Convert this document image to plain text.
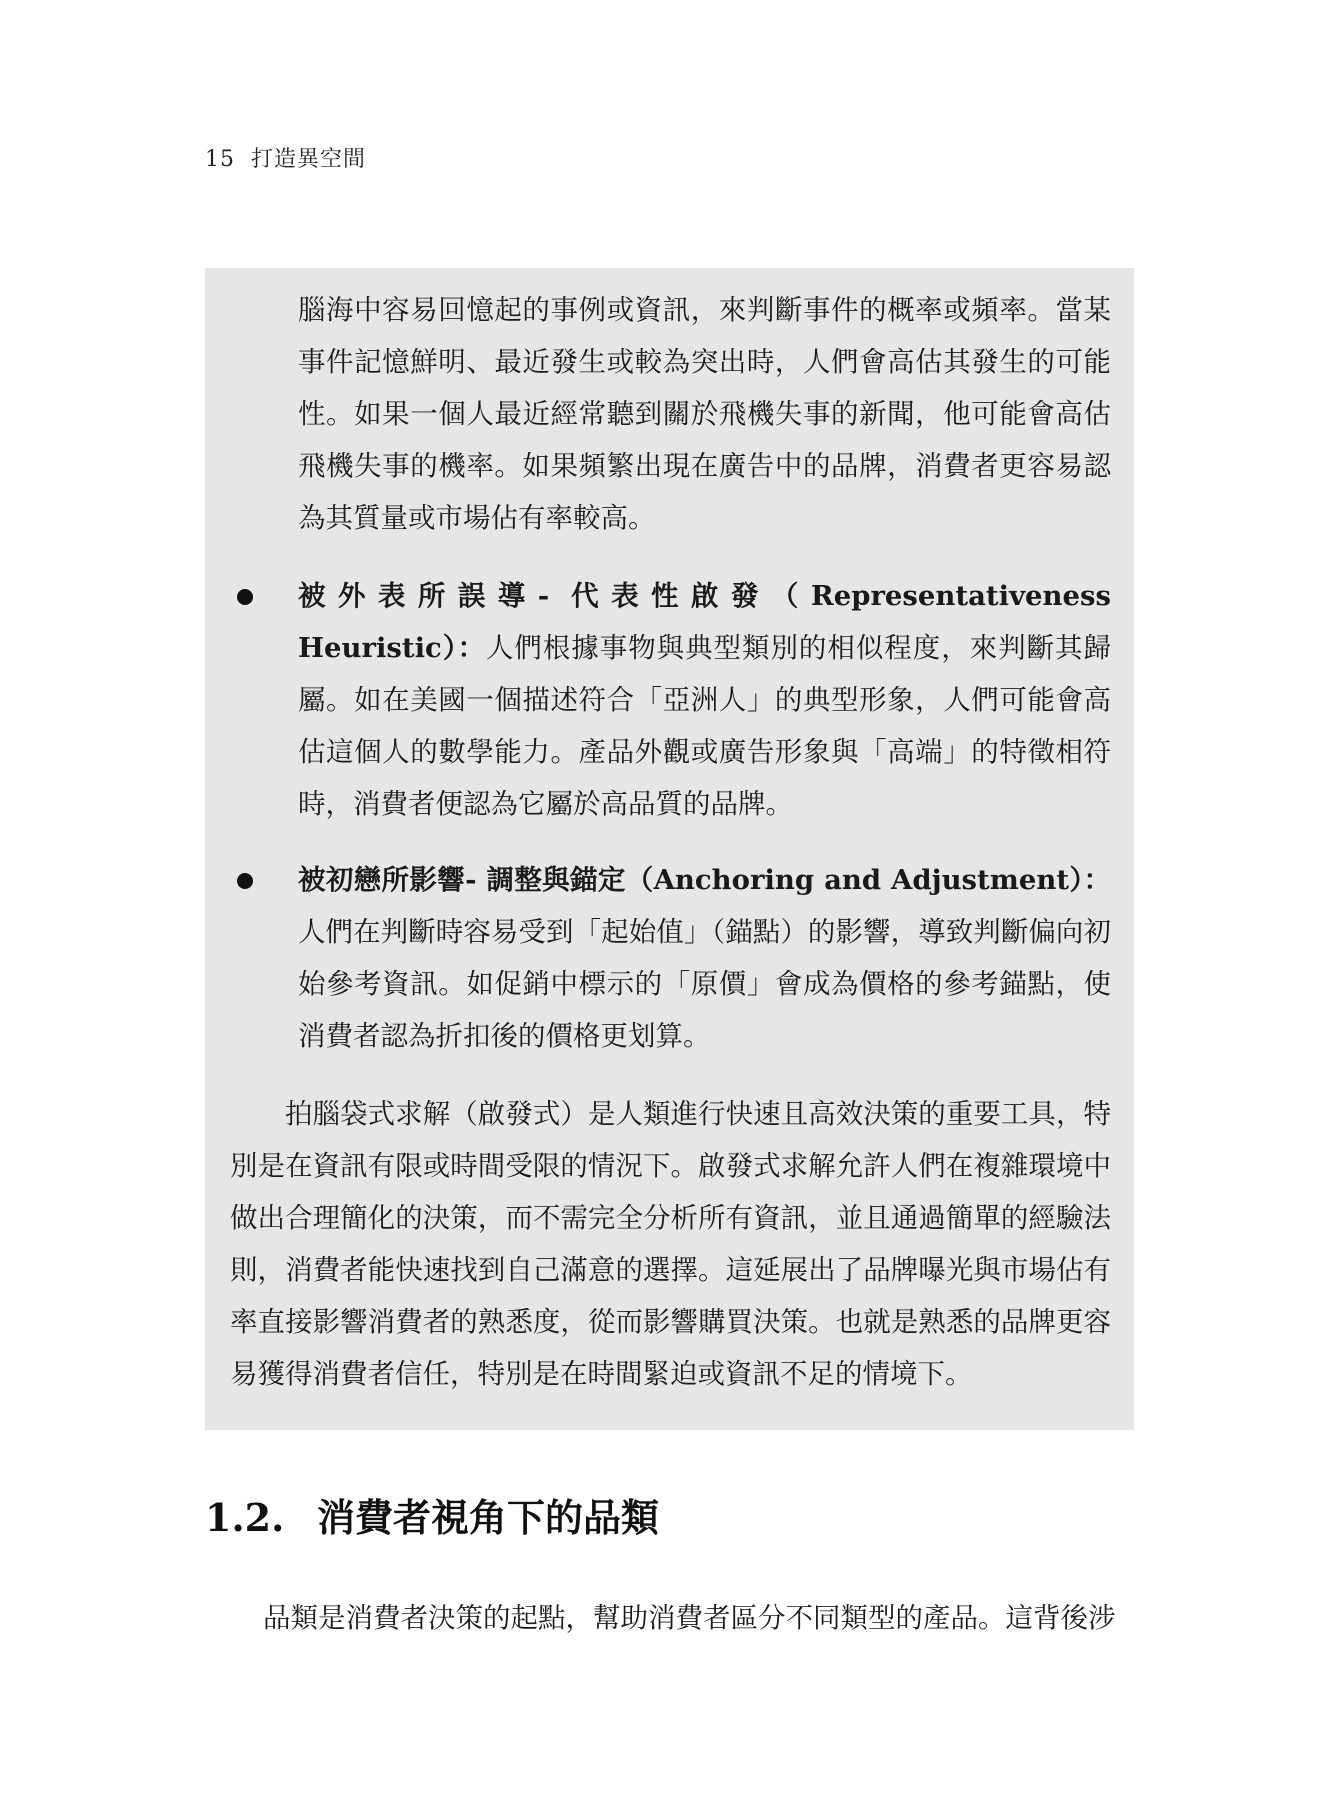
15 打造異空間

腦海中容易回憶起的事例或資訊，來判斷事件的概率或頻率。當某事件記憶鮮明、最近發生或較為突出時，人們會高估其發生的可能性。如果一個人最近經常聽到關於飛機失事的新聞，他可能會高估飛機失事的機率。如果頻繁出現在廣告中的品牌，消費者更容易認為其質量或市場佔有率較高。

被外表所誤導- 代表性啟發（Representativeness Heuristic）：人們根據事物與典型類別的相似程度，來判斷其歸屬。如在美國一個描述符合「亞洲人」的典型形象，人們可能會高估這個人的數學能力。產品外觀或廣告形象與「高端」的特徵相符時，消費者便認為它屬於高品質的品牌。

被初戀所影響- 調整與錨定（Anchoring and Adjustment）：人們在判斷時容易受到「起始值」（錨點）的影響，導致判斷偏向初始參考資訊。如促銷中標示的「原價」會成為價格的參考錨點，使消費者認為折扣後的價格更划算。

拍腦袋式求解（啟發式）是人類進行快速且高效決策的重要工具，特別是在資訊有限或時間受限的情況下。啟發式求解允許人們在複雜環境中做出合理簡化的決策，而不需完全分析所有資訊，並且通過簡單的經驗法則，消費者能快速找到自己滿意的選擇。這延展出了品牌曝光與市場佔有率直接影響消費者的熟悉度，從而影響購買決策。也就是熟悉的品牌更容易獲得消費者信任，特別是在時間緊迫或資訊不足的情境下。

1.2. 消費者視角下的品類

品類是消費者決策的起點，幫助消費者區分不同類型的產品。這背後涉
